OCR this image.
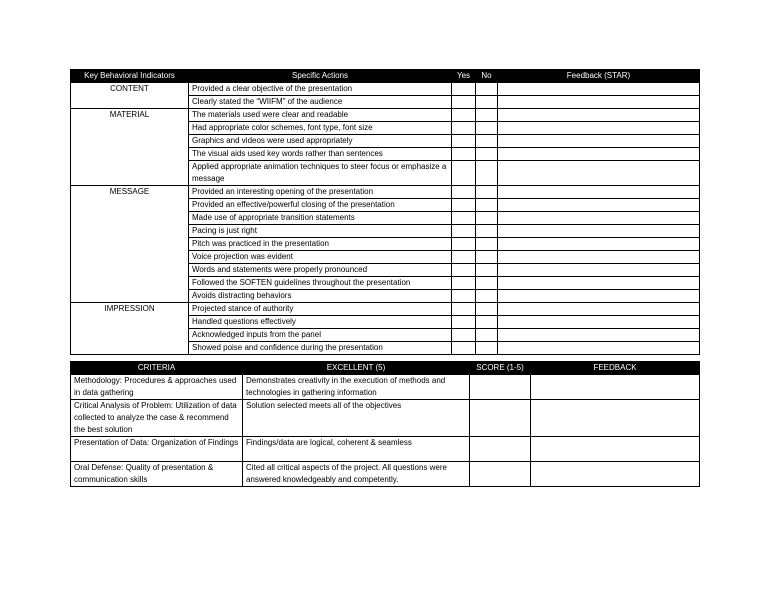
Key Behavioral Indicators	Specific Actions	Yes	No	Feedback (STAR)
CONTENT	Provided a clear objective of the presentation			
	Clearly stated the “WIIFM” of the audience			
MATERIAL	The materials used were clear and readable			
	Had appropriate color schemes, font type, font size			
	Graphics and videos were used appropriately			
	The visual aids used key words rather than sentences			
	Applied appropriate animation techniques to steer focus or emphasize a message			
MESSAGE	Provided an interesting opening of the presentation			
	Provided an effective/powerful closing of the presentation			
	Made use of appropriate transition statements			
	Pacing is just right			
	Pitch was practiced in the presentation			
	Voice projection was evident			
	Words and statements were properly pronounced			
	Followed the SOFTEN guidelines throughout the presentation			
	Avoids distracting behaviors			
IMPRESSION	Projected stance of authority			
	Handled questions effectively			
	Acknowledged inputs from the panel			
	Showed poise and confidence during the presentation			
CRITERIA	EXCELLENT (5)	SCORE (1-5)	FEEDBACK
Methodology: Procedures & approaches used in data gathering	Demonstrates creativity in the execution of methods and technologies in gathering information		
Critical Analysis of Problem: Utilization of data collected to analyze the case & recommend the best solution	Solution selected meets all of the objectives		
Presentation of Data: Organization of Findings	Findings/data are logical, coherent & seamless		
Oral Defense: Quality of presentation & communication skills	Cited all critical aspects of the project. All questions were answered knowledgeably and competently.		
